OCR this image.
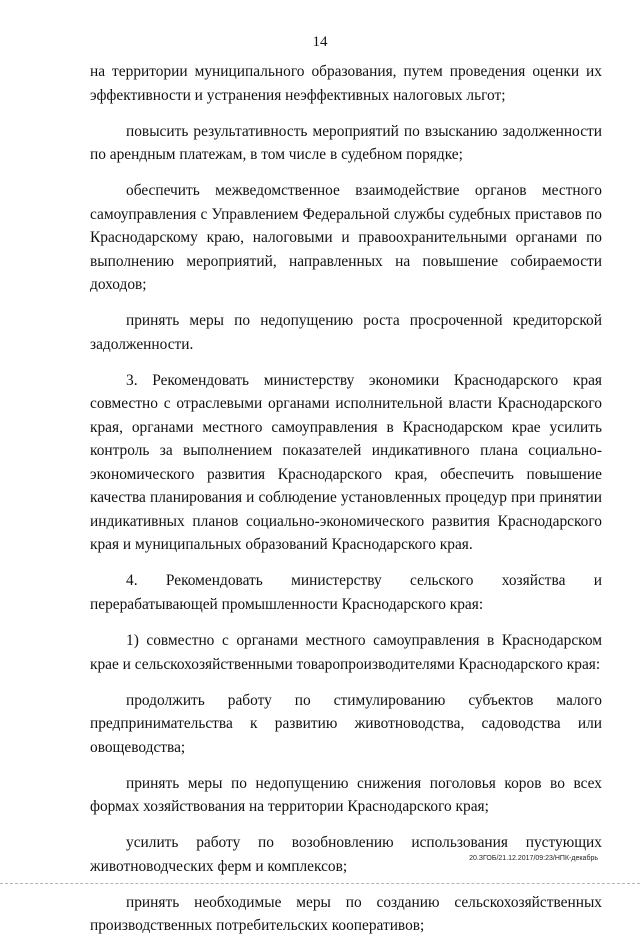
14

на территории муниципального образования, путем проведения оценки их эффективности и устранения неэффективных налоговых льгот;

повысить результативность мероприятий по взысканию задолженности по арендным платежам, в том числе в судебном порядке;

обеспечить межведомственное взаимодействие органов местного самоуправления с Управлением Федеральной службы судебных приставов по Краснодарскому краю, налоговыми и правоохранительными органами по выполнению мероприятий, направленных на повышение собираемости доходов;

принять меры по недопущению роста просроченной кредиторской задолженности.

3. Рекомендовать министерству экономики Краснодарского края совместно с отраслевыми органами исполнительной власти Краснодарского края, органами местного самоуправления в Краснодарском крае усилить контроль за выполнением показателей индикативного плана социально-экономического развития Краснодарского края, обеспечить повышение качества планирования и соблюдение установленных процедур при принятии индикативных планов социально-экономического развития Краснодарского края и муниципальных образований Краснодарского края.

4. Рекомендовать министерству сельского хозяйства и перерабатывающей промышленности Краснодарского края:

1) совместно с органами местного самоуправления в Краснодарском крае и сельскохозяйственными товаропроизводителями Краснодарского края:

продолжить работу по стимулированию субъектов малого предпринимательства к развитию животноводства, садоводства или овощеводства;

принять меры по недопущению снижения поголовья коров во всех формах хозяйствования на территории Краснодарского края;

усилить работу по возобновлению использования пустующих животноводческих ферм и комплексов;

принять необходимые меры по созданию сельскохозяйственных производственных потребительских кооперативов;

20.ЗГОБ/21.12.2017/09:23/НПК-декабрь
